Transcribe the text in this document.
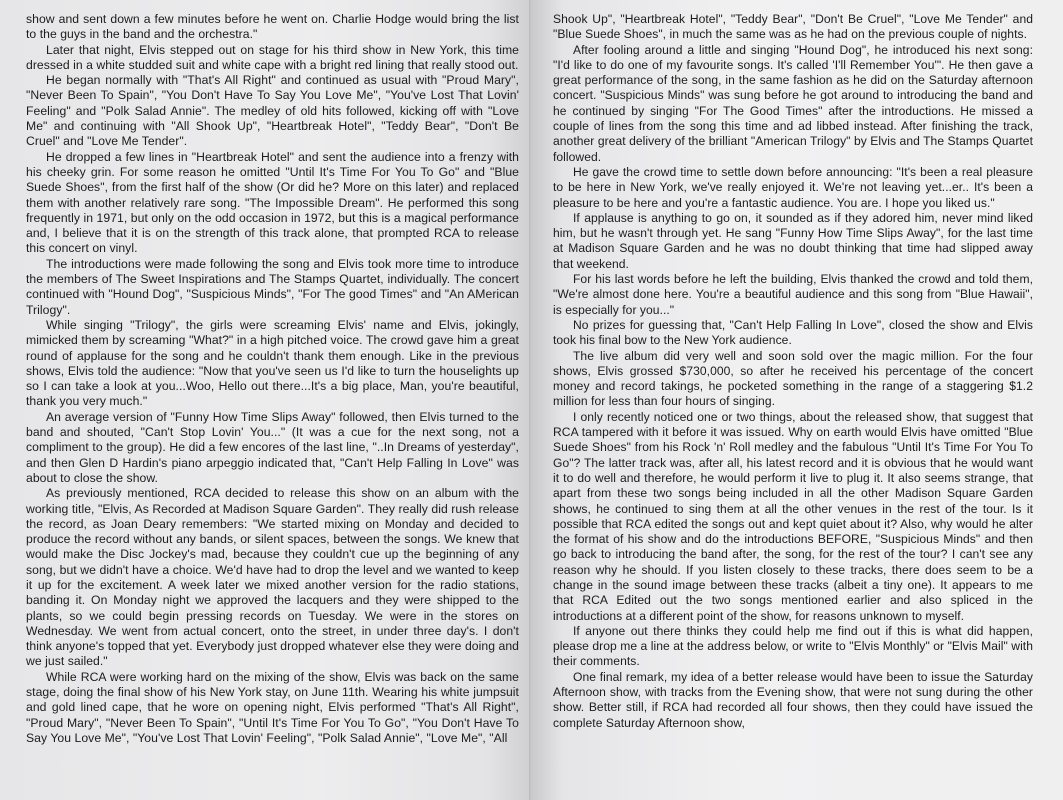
show and sent down a few minutes before he went on. Charlie Hodge would bring the list to the guys in the band and the orchestra."

Later that night, Elvis stepped out on stage for his third show in New York, this time dressed in a white studded suit and white cape with a bright red lining that really stood out.

He began normally with "That's All Right" and continued as usual with "Proud Mary", "Never Been To Spain", "You Don't Have To Say You Love Me", "You've Lost That Lovin' Feeling" and "Polk Salad Annie". The medley of old hits followed, kicking off with "Love Me" and continuing with "All Shook Up", "Heartbreak Hotel", "Teddy Bear", "Don't Be Cruel" and "Love Me Tender".

He dropped a few lines in "Heartbreak Hotel" and sent the audience into a frenzy with his cheeky grin. For some reason he omitted "Until It's Time For You To Go" and "Blue Suede Shoes", from the first half of the show (Or did he? More on this later) and replaced them with another relatively rare song. "The Impossible Dream". He performed this song frequently in 1971, but only on the odd occasion in 1972, but this is a magical performance and, I believe that it is on the strength of this track alone, that prompted RCA to release this concert on vinyl.

The introductions were made following the song and Elvis took more time to introduce the members of The Sweet Inspirations and The Stamps Quartet, individually. The concert continued with "Hound Dog", "Suspicious Minds", "For The good Times" and "An AMerican Trilogy".

While singing "Trilogy", the girls were screaming Elvis' name and Elvis, jokingly, mimicked them by screaming "What?" in a high pitched voice. The crowd gave him a great round of applause for the song and he couldn't thank them enough. Like in the previous shows, Elvis told the audience: "Now that you've seen us I'd like to turn the houselights up so I can take a look at you...Woo, Hello out there...It's a big place, Man, you're beautiful, thank you very much."

An average version of "Funny How Time Slips Away" followed, then Elvis turned to the band and shouted, "Can't Stop Lovin' You..." (It was a cue for the next song, not a compliment to the group). He did a few encores of the last line, "..In Dreams of yesterday", and then Glen D Hardin's piano arpeggio indicated that, "Can't Help Falling In Love" was about to close the show.

As previously mentioned, RCA decided to release this show on an album with the working title, "Elvis, As Recorded at Madison Square Garden". They really did rush release the record, as Joan Deary remembers: "We started mixing on Monday and decided to produce the record without any bands, or silent spaces, between the songs. We knew that would make the Disc Jockey's mad, because they couldn't cue up the beginning of any song, but we didn't have a choice. We'd have had to drop the level and we wanted to keep it up for the excitement. A week later we mixed another version for the radio stations, banding it. On Monday night we approved the lacquers and they were shipped to the plants, so we could begin pressing records on Tuesday. We were in the stores on Wednesday. We went from actual concert, onto the street, in under three day's. I don't think anyone's topped that yet. Everybody just dropped whatever else they were doing and we just sailed."

While RCA were working hard on the mixing of the show, Elvis was back on the same stage, doing the final show of his New York stay, on June 11th. Wearing his white jumpsuit and gold lined cape, that he wore on opening night, Elvis performed "That's All Right", "Proud Mary", "Never Been To Spain", "Until It's Time For You To Go", "You Don't Have To Say You Love Me", "You've Lost That Lovin' Feeling", "Polk Salad Annie", "Love Me", "All

Shook Up", "Heartbreak Hotel", "Teddy Bear", "Don't Be Cruel", "Love Me Tender" and "Blue Suede Shoes", in much the same was as he had on the previous couple of nights.

After fooling around a little and singing "Hound Dog", he introduced his next song: "I'd like to do one of my favourite songs. It's called 'I'll Remember You'". He then gave a great performance of the song, in the same fashion as he did on the Saturday afternoon concert. "Suspicious Minds" was sung before he got around to introducing the band and he continued by singing "For The Good Times" after the introductions. He missed a couple of lines from the song this time and ad libbed instead. After finishing the track, another great delivery of the brilliant "American Trilogy" by Elvis and The Stamps Quartet followed.

He gave the crowd time to settle down before announcing: "It's been a real pleasure to be here in New York, we've really enjoyed it. We're not leaving yet...er.. It's been a pleasure to be here and you're a fantastic audience. You are. I hope you liked us."

If applause is anything to go on, it sounded as if they adored him, never mind liked him, but he wasn't through yet. He sang "Funny How Time Slips Away", for the last time at Madison Square Garden and he was no doubt thinking that time had slipped away that weekend.

For his last words before he left the building, Elvis thanked the crowd and told them, "We're almost done here. You're a beautiful audience and this song from "Blue Hawaii", is especially for you..."

No prizes for guessing that, "Can't Help Falling In Love", closed the show and Elvis took his final bow to the New York audience.

The live album did very well and soon sold over the magic million. For the four shows, Elvis grossed $730,000, so after he received his percentage of the concert money and record takings, he pocketed something in the range of a staggering $1.2 million for less than four hours of singing.

I only recently noticed one or two things, about the released show, that suggest that RCA tampered with it before it was issued. Why on earth would Elvis have omitted "Blue Suede Shoes" from his Rock 'n' Roll medley and the fabulous "Until It's Time For You To Go"? The latter track was, after all, his latest record and it is obvious that he would want it to do well and therefore, he would perform it live to plug it. It also seems strange, that apart from these two songs being included in all the other Madison Square Garden shows, he continued to sing them at all the other venues in the rest of the tour. Is it possible that RCA edited the songs out and kept quiet about it? Also, why would he alter the format of his show and do the introductions BEFORE, "Suspicious Minds" and then go back to introducing the band after, the song, for the rest of the tour? I can't see any reason why he should. If you listen closely to these tracks, there does seem to be a change in the sound image between these tracks (albeit a tiny one). It appears to me that RCA Edited out the two songs mentioned earlier and also spliced in the introductions at a different point of the show, for reasons unknown to myself.

If anyone out there thinks they could help me find out if this is what did happen, please drop me a line at the address below, or write to "Elvis Monthly" or "Elvis Mail" with their comments.

One final remark, my idea of a better release would have been to issue the Saturday Afternoon show, with tracks from the Evening show, that were not sung during the other show. Better still, if RCA had recorded all four shows, then they could have issued the complete Saturday Afternoon show,
